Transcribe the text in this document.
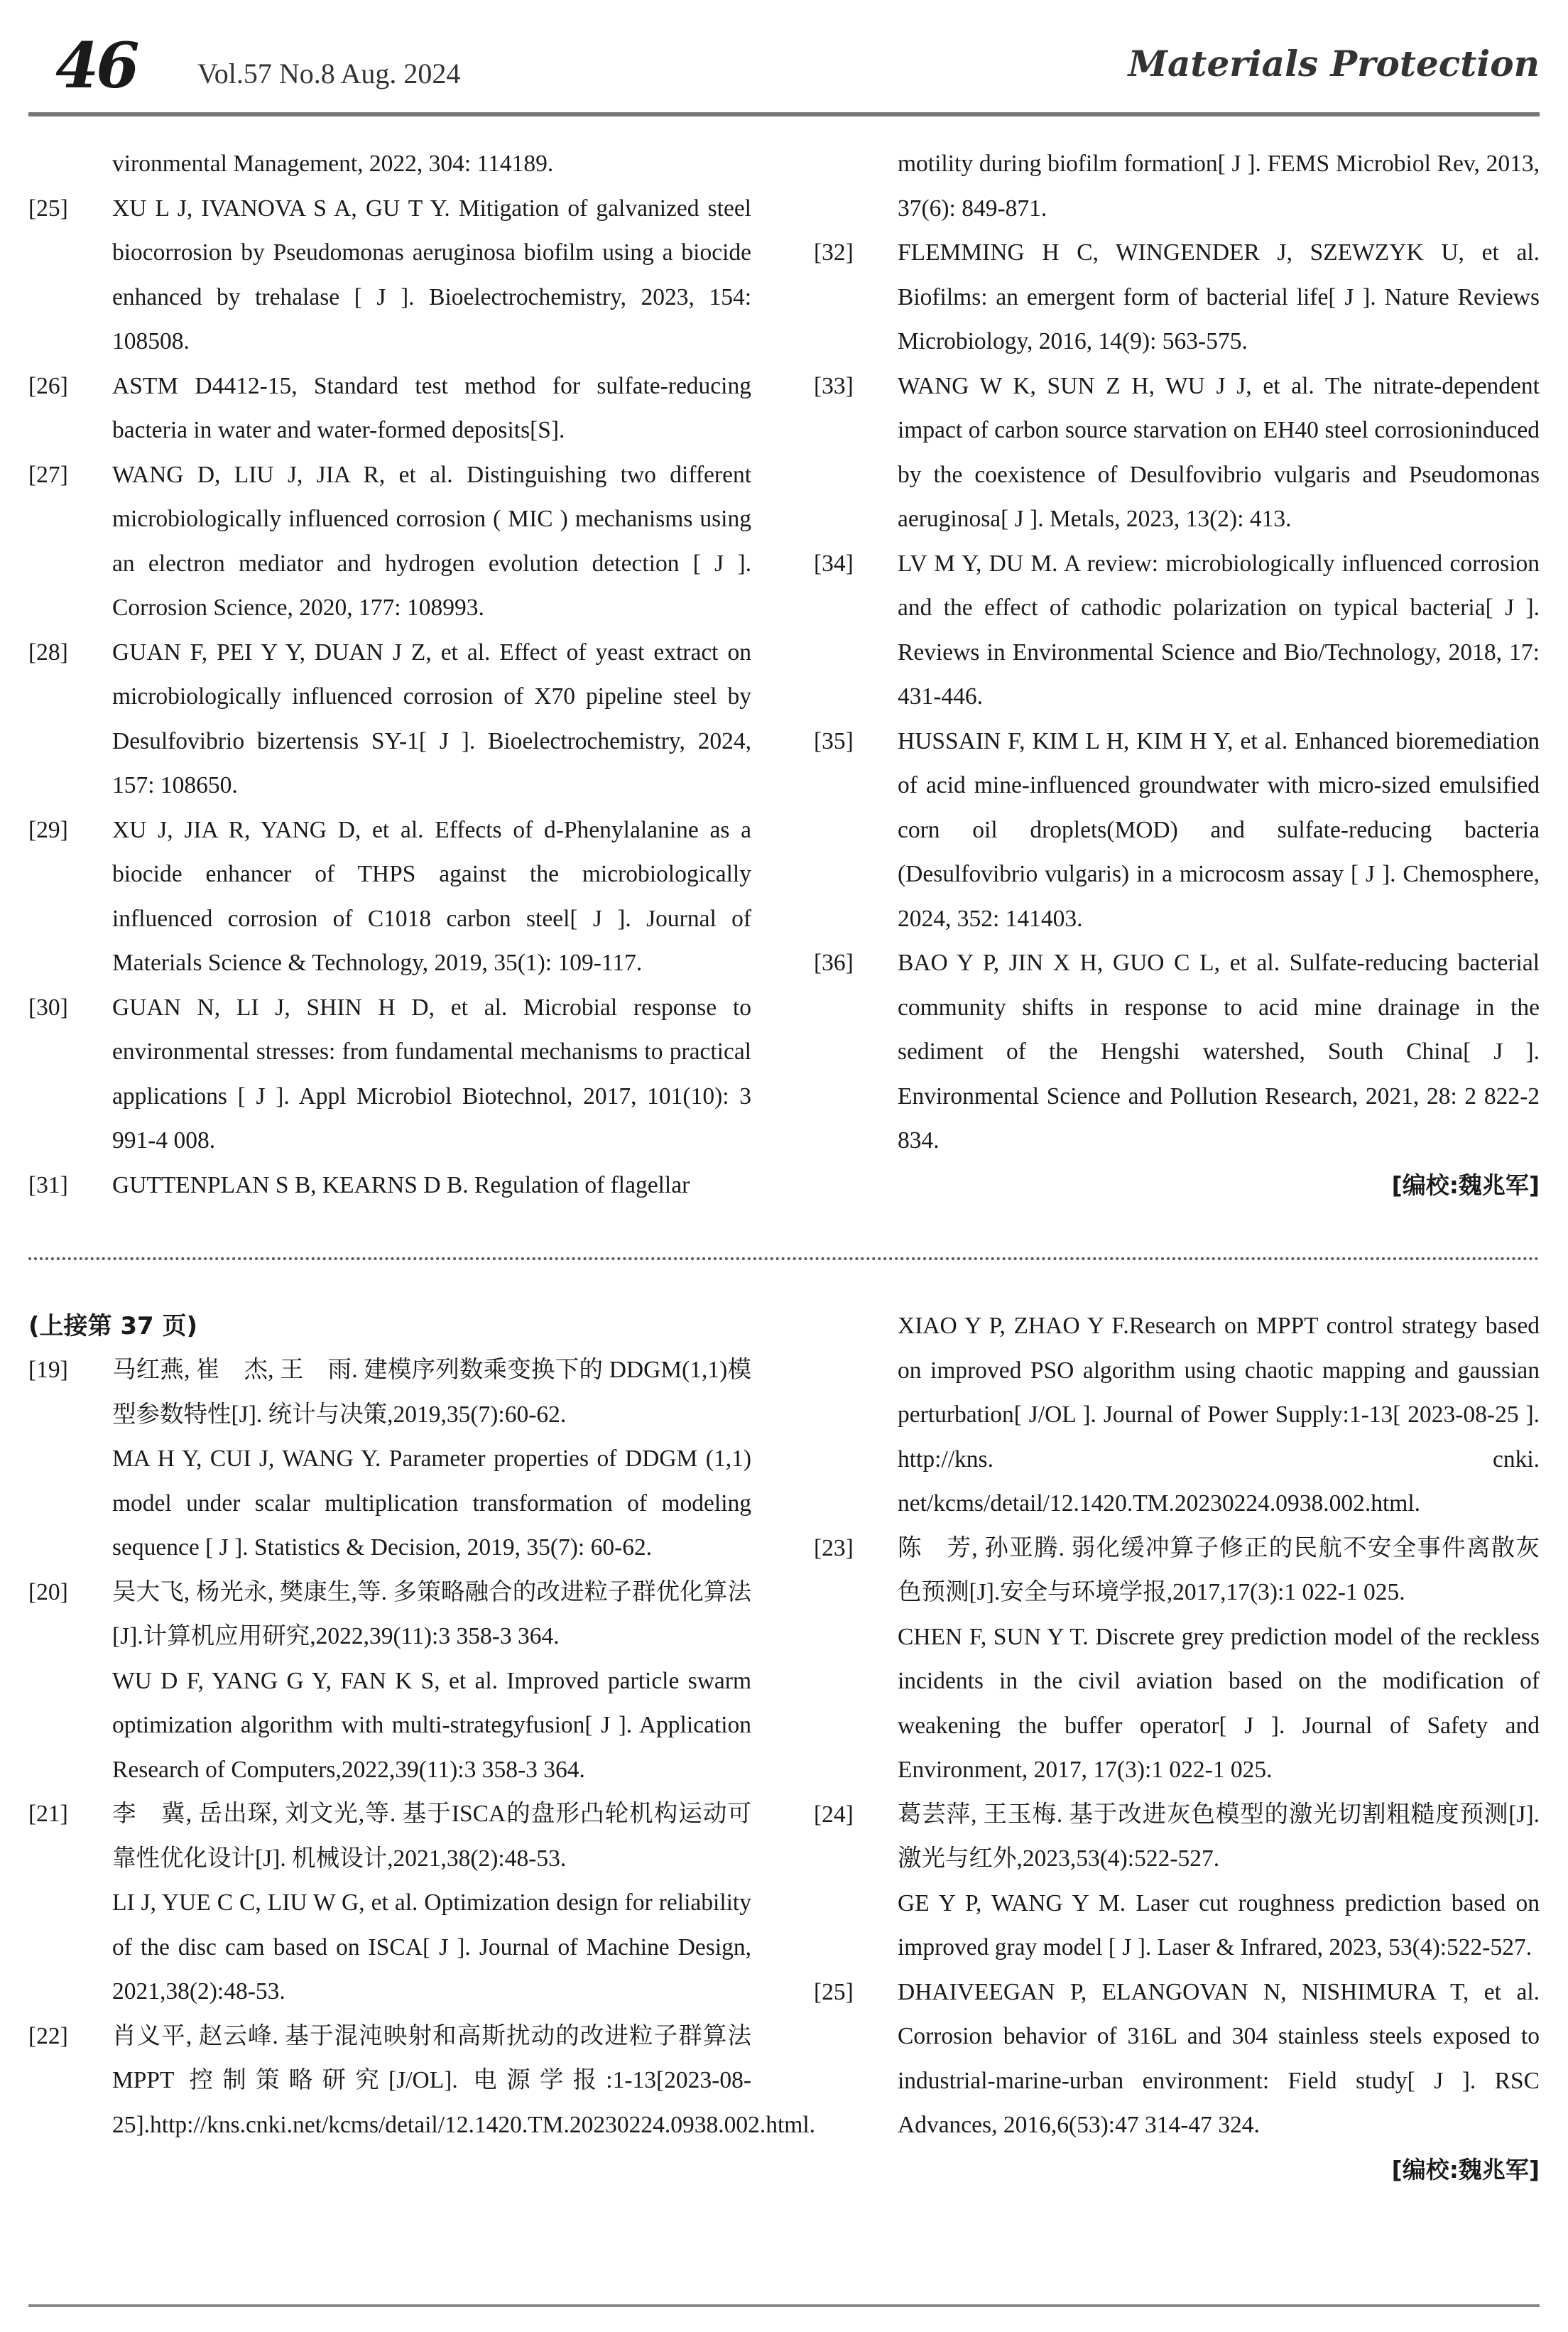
46 Vol.57 No.8 Aug. 2024	Materials Protection
vironmental Management, 2022, 304: 114189.
[25]	XU L J, IVANOVA S A, GU T Y. Mitigation of galvanized steel biocorrosion by Pseudomonas aeruginosa biofilm using a biocide enhanced by trehalase [ J ]. Bioelectrochemistry, 2023, 154: 108508.
[26]	ASTM D4412-15, Standard test method for sulfate-reducing bacteria in water and water-formed deposits[S].
[27]	WANG D, LIU J, JIA R, et al. Distinguishing two different microbiologically influenced corrosion ( MIC ) mechanisms using an electron mediator and hydrogen evolution detection [ J ]. Corrosion Science, 2020, 177: 108993.
[28]	GUAN F, PEI Y Y, DUAN J Z, et al. Effect of yeast extract on microbiologically influenced corrosion of X70 pipeline steel by Desulfovibrio bizertensis SY-1[ J ]. Bioelectrochemistry, 2024, 157: 108650.
[29]	XU J, JIA R, YANG D, et al. Effects of d-Phenylalanine as a biocide enhancer of THPS against the microbiologically influenced corrosion of C1018 carbon steel[ J ]. Journal of Materials Science & Technology, 2019, 35(1): 109-117.
[30]	GUAN N, LI J, SHIN H D, et al. Microbial response to environmental stresses: from fundamental mechanisms to practical applications [ J ]. Appl Microbiol Biotechnol, 2017, 101(10): 3 991-4 008.
[31]	GUTTENPLAN S B, KEARNS D B. Regulation of flagellar
motility during biofilm formation[ J ]. FEMS Microbiol Rev, 2013, 37(6): 849-871.
[32]	FLEMMING H C, WINGENDER J, SZEWZYK U, et al. Biofilms: an emergent form of bacterial life[ J ]. Nature Reviews Microbiology, 2016, 14(9): 563-575.
[33]	WANG W K, SUN Z H, WU J J, et al. The nitrate-dependent impact of carbon source starvation on EH40 steel corrosioninduced by the coexistence of Desulfovibrio vulgaris and Pseudomonas aeruginosa[ J ]. Metals, 2023, 13(2): 413.
[34]	LV M Y, DU M. A review: microbiologically influenced corrosion and the effect of cathodic polarization on typical bacteria[ J ]. Reviews in Environmental Science and Bio/Technology, 2018, 17: 431-446.
[35]	HUSSAIN F, KIM L H, KIM H Y, et al. Enhanced bioremediation of acid mine-influenced groundwater with micro-sized emulsified corn oil droplets(MOD) and sulfate-reducing bacteria (Desulfovibrio vulgaris) in a microcosm assay [ J ]. Chemosphere, 2024, 352: 141403.
[36]	BAO Y P, JIN X H, GUO C L, et al. Sulfate-reducing bacterial community shifts in response to acid mine drainage in the sediment of the Hengshi watershed, South China[ J ]. Environmental Science and Pollution Research, 2021, 28: 2 822-2 834.
[编校:魏兆军]
(上接第 37 页)
[19]	马红燕, 崔　杰, 王　雨. 建模序列数乘变换下的 DDGM(1,1)模型参数特性[J]. 统计与决策,2019,35(7):60-62.
MA H Y, CUI J, WANG Y. Parameter properties of DDGM (1,1) model under scalar multiplication transformation of modeling sequence [ J ]. Statistics & Decision, 2019, 35(7): 60-62.
[20]	吴大飞, 杨光永, 樊康生,等. 多策略融合的改进粒子群优化算法[J].计算机应用研究,2022,39(11):3 358-3 364.
WU D F, YANG G Y, FAN K S, et al. Improved particle swarm optimization algorithm with multi-strategyfusion[ J ]. Application Research of Computers,2022,39(11):3 358-3 364.
[21]	李　冀, 岳出琛, 刘文光,等. 基于ISCA的盘形凸轮机构运动可靠性优化设计[J]. 机械设计,2021,38(2):48-53.
LI J, YUE C C, LIU W G, et al. Optimization design for reliability of the disc cam based on ISCA[ J ]. Journal of Machine Design, 2021,38(2):48-53.
[22]	肖义平, 赵云峰. 基于混沌映射和高斯扰动的改进粒子群算法 MPPT 控制策略研究[J/OL]. 电源学报:1-13[2023-08-25].http://kns.cnki.net/kcms/detail/12.1420.TM.20230224.0938.002.html.
XIAO Y P, ZHAO Y F.Research on MPPT control strategy based on improved PSO algorithm using chaotic mapping and gaussian perturbation[ J/OL ]. Journal of Power Supply:1-13[ 2023-08-25 ]. http://kns. cnki. net/kcms/detail/12.1420.TM.20230224.0938.002.html.
[23]	陈　芳, 孙亚腾. 弱化缓冲算子修正的民航不安全事件离散灰色预测[J].安全与环境学报,2017,17(3):1 022-1 025.
CHEN F, SUN Y T. Discrete grey prediction model of the reckless incidents in the civil aviation based on the modification of weakening the buffer operator[ J ]. Journal of Safety and Environment, 2017, 17(3):1 022-1 025.
[24]	葛芸萍, 王玉梅. 基于改进灰色模型的激光切割粗糙度预测[J]. 激光与红外,2023,53(4):522-527.
GE Y P, WANG Y M. Laser cut roughness prediction based on improved gray model [ J ]. Laser & Infrared, 2023, 53(4):522-527.
[25]	DHAIVEEGAN P, ELANGOVAN N, NISHIMURA T, et al. Corrosion behavior of 316L and 304 stainless steels exposed to industrial-marine-urban environment: Field study[ J ]. RSC Advances, 2016,6(53):47 314-47 324.
[编校:魏兆军]
